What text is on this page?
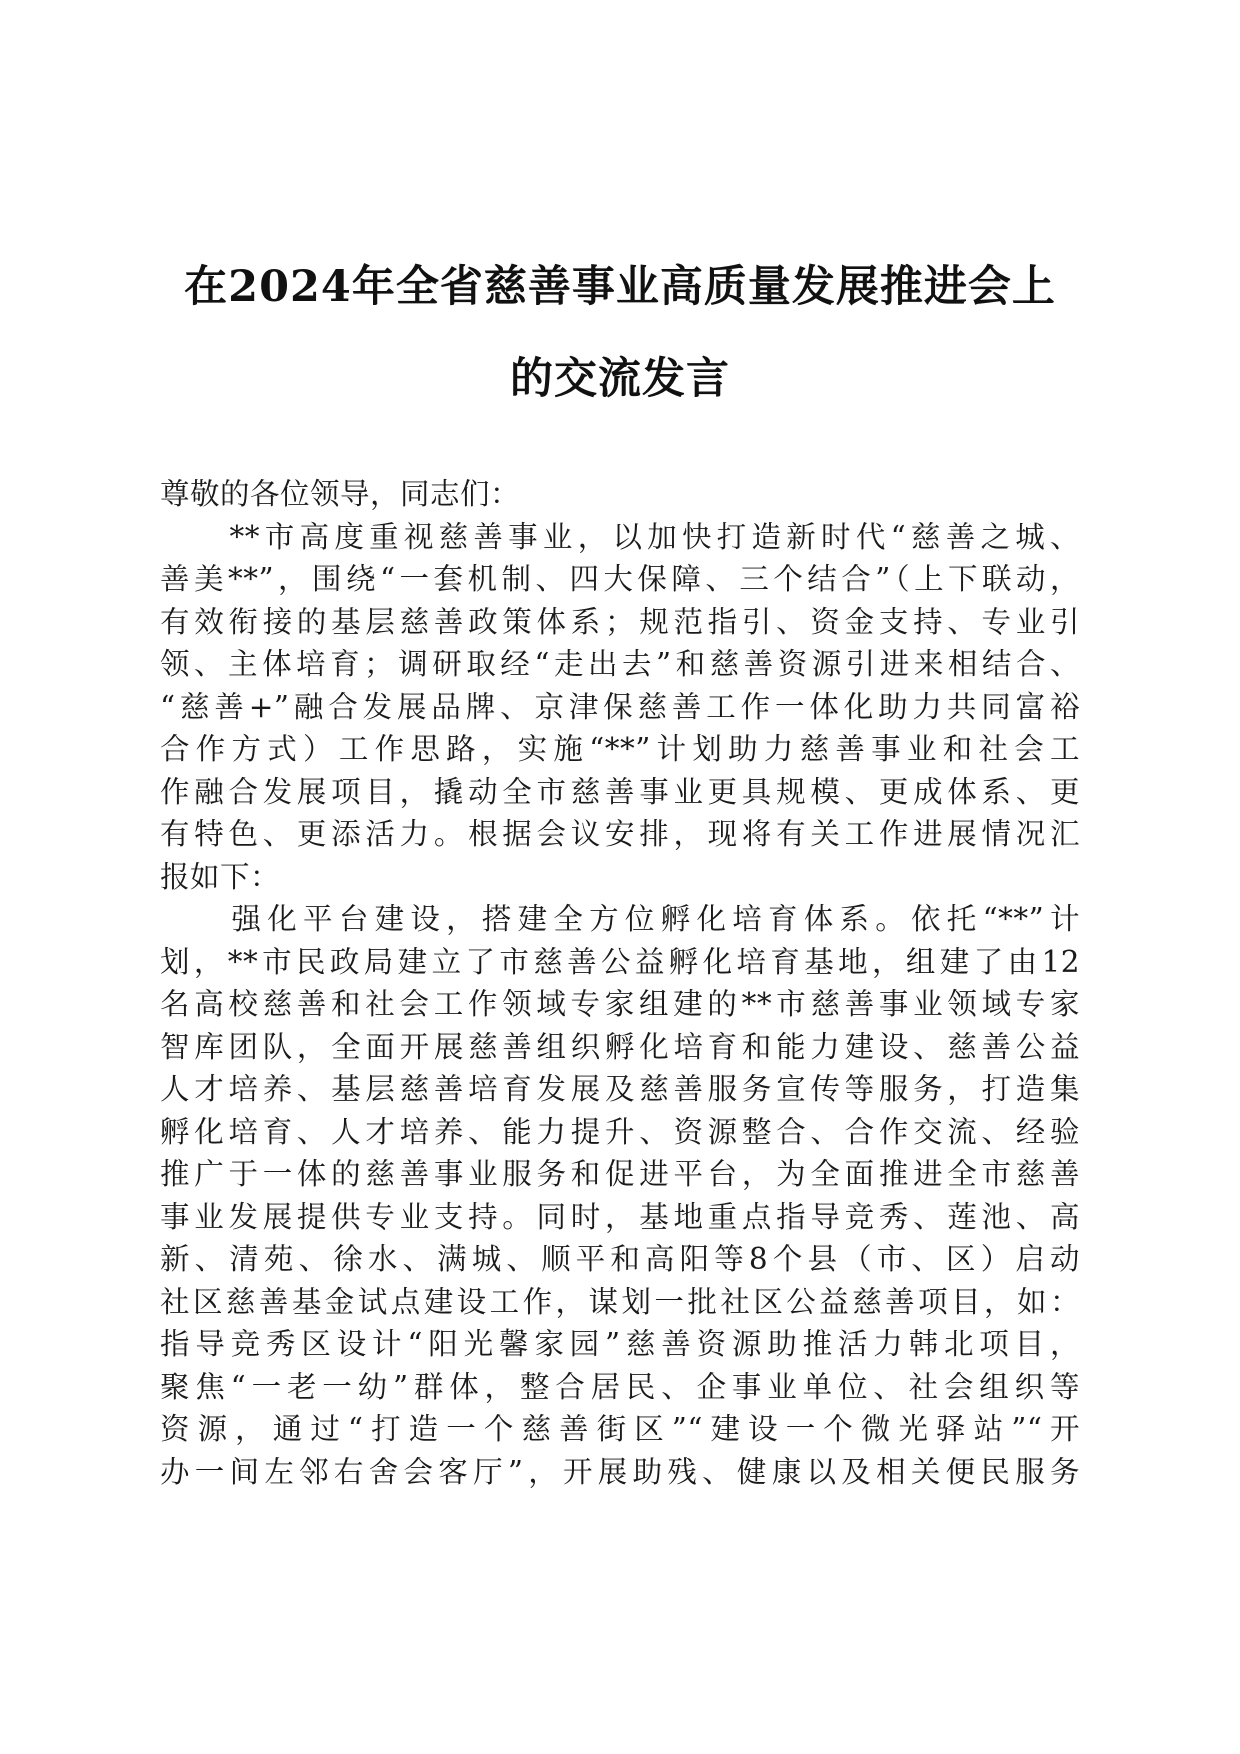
在2024年全省慈善事业高质量发展推进会上
的交流发言
尊敬的各位领导，同志们：
　　**市高度重视慈善事业，以加快打造新时代“慈善之城、
善美**”，围绕“一套机制、四大保障、三个结合”（上下联动，
有效衔接的基层慈善政策体系；规范指引、资金支持、专业引
领、主体培育；调研取经“走出去”和慈善资源引进来相结合、
“慈善+”融合发展品牌、京津保慈善工作一体化助力共同富裕
合作方式）工作思路，实施“**”计划助力慈善事业和社会工
作融合发展项目，撬动全市慈善事业更具规模、更成体系、更
有特色、更添活力。根据会议安排，现将有关工作进展情况汇
报如下：
　　强化平台建设，搭建全方位孵化培育体系。依托“**”计
划，**市民政局建立了市慈善公益孵化培育基地，组建了由12
名高校慈善和社会工作领域专家组建的**市慈善事业领域专家
智库团队，全面开展慈善组织孵化培育和能力建设、慈善公益
人才培养、基层慈善培育发展及慈善服务宣传等服务，打造集
孵化培育、人才培养、能力提升、资源整合、合作交流、经验
推广于一体的慈善事业服务和促进平台，为全面推进全市慈善
事业发展提供专业支持。同时，基地重点指导竞秀、莲池、高
新、清苑、徐水、满城、顺平和高阳等8个县（市、区）启动
社区慈善基金试点建设工作，谋划一批社区公益慈善项目，如：
指导竞秀区设计“阳光馨家园”慈善资源助推活力韩北项目，
聚焦“一老一幼”群体，整合居民、企事业单位、社会组织等
资源，通过“打造一个慈善街区”“建设一个微光驿站”“开
办一间左邻右舍会客厅”，开展助残、健康以及相关便民服务
